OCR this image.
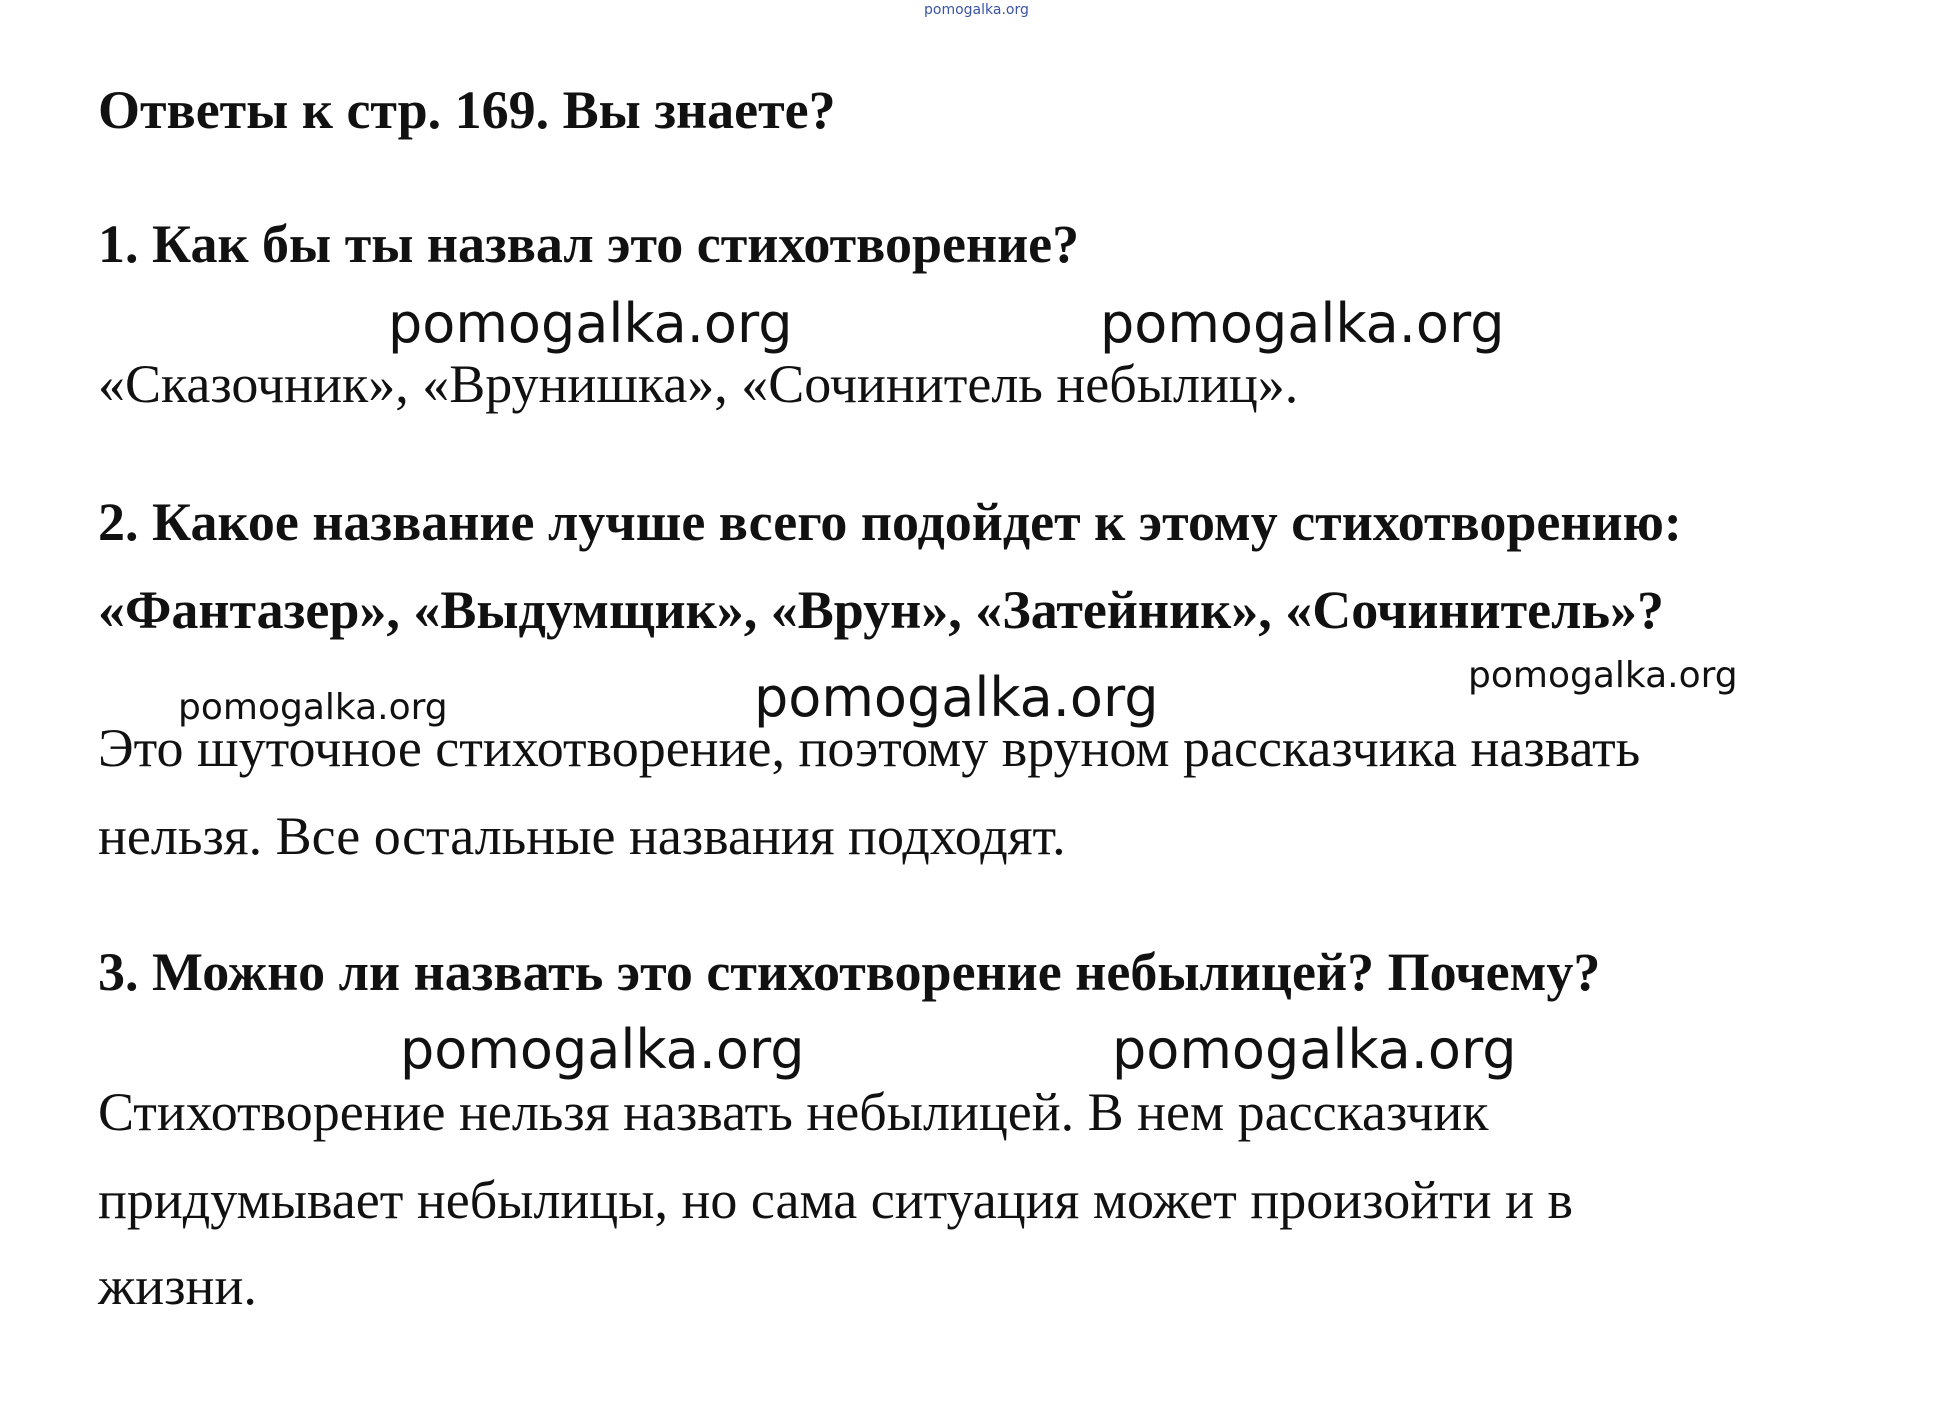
pomogalka.org

Ответы к стр. 169. Вы знаете?

1. Как бы ты назвал это стихотворение?

pomogalka.org	pomogalka.org

«Сказочник», «Врунишка», «Сочинитель небылиц».

2. Какое название лучше всего подойдет к этому стихотворению:

«Фантазер», «Выдумщик», «Врун», «Затейник», «Сочинитель»?

pomogalka.org	pomogalka.org	pomogalka.org

Это шуточное стихотворение, поэтому вруном рассказчика назвать

нельзя. Все остальные названия подходят.

3. Можно ли назвать это стихотворение небылицей? Почему?

pomogalka.org	pomogalka.org

Стихотворение нельзя назвать небылицей. В нем рассказчик

придумывает небылицы, но сама ситуация может произойти и в

жизни.
